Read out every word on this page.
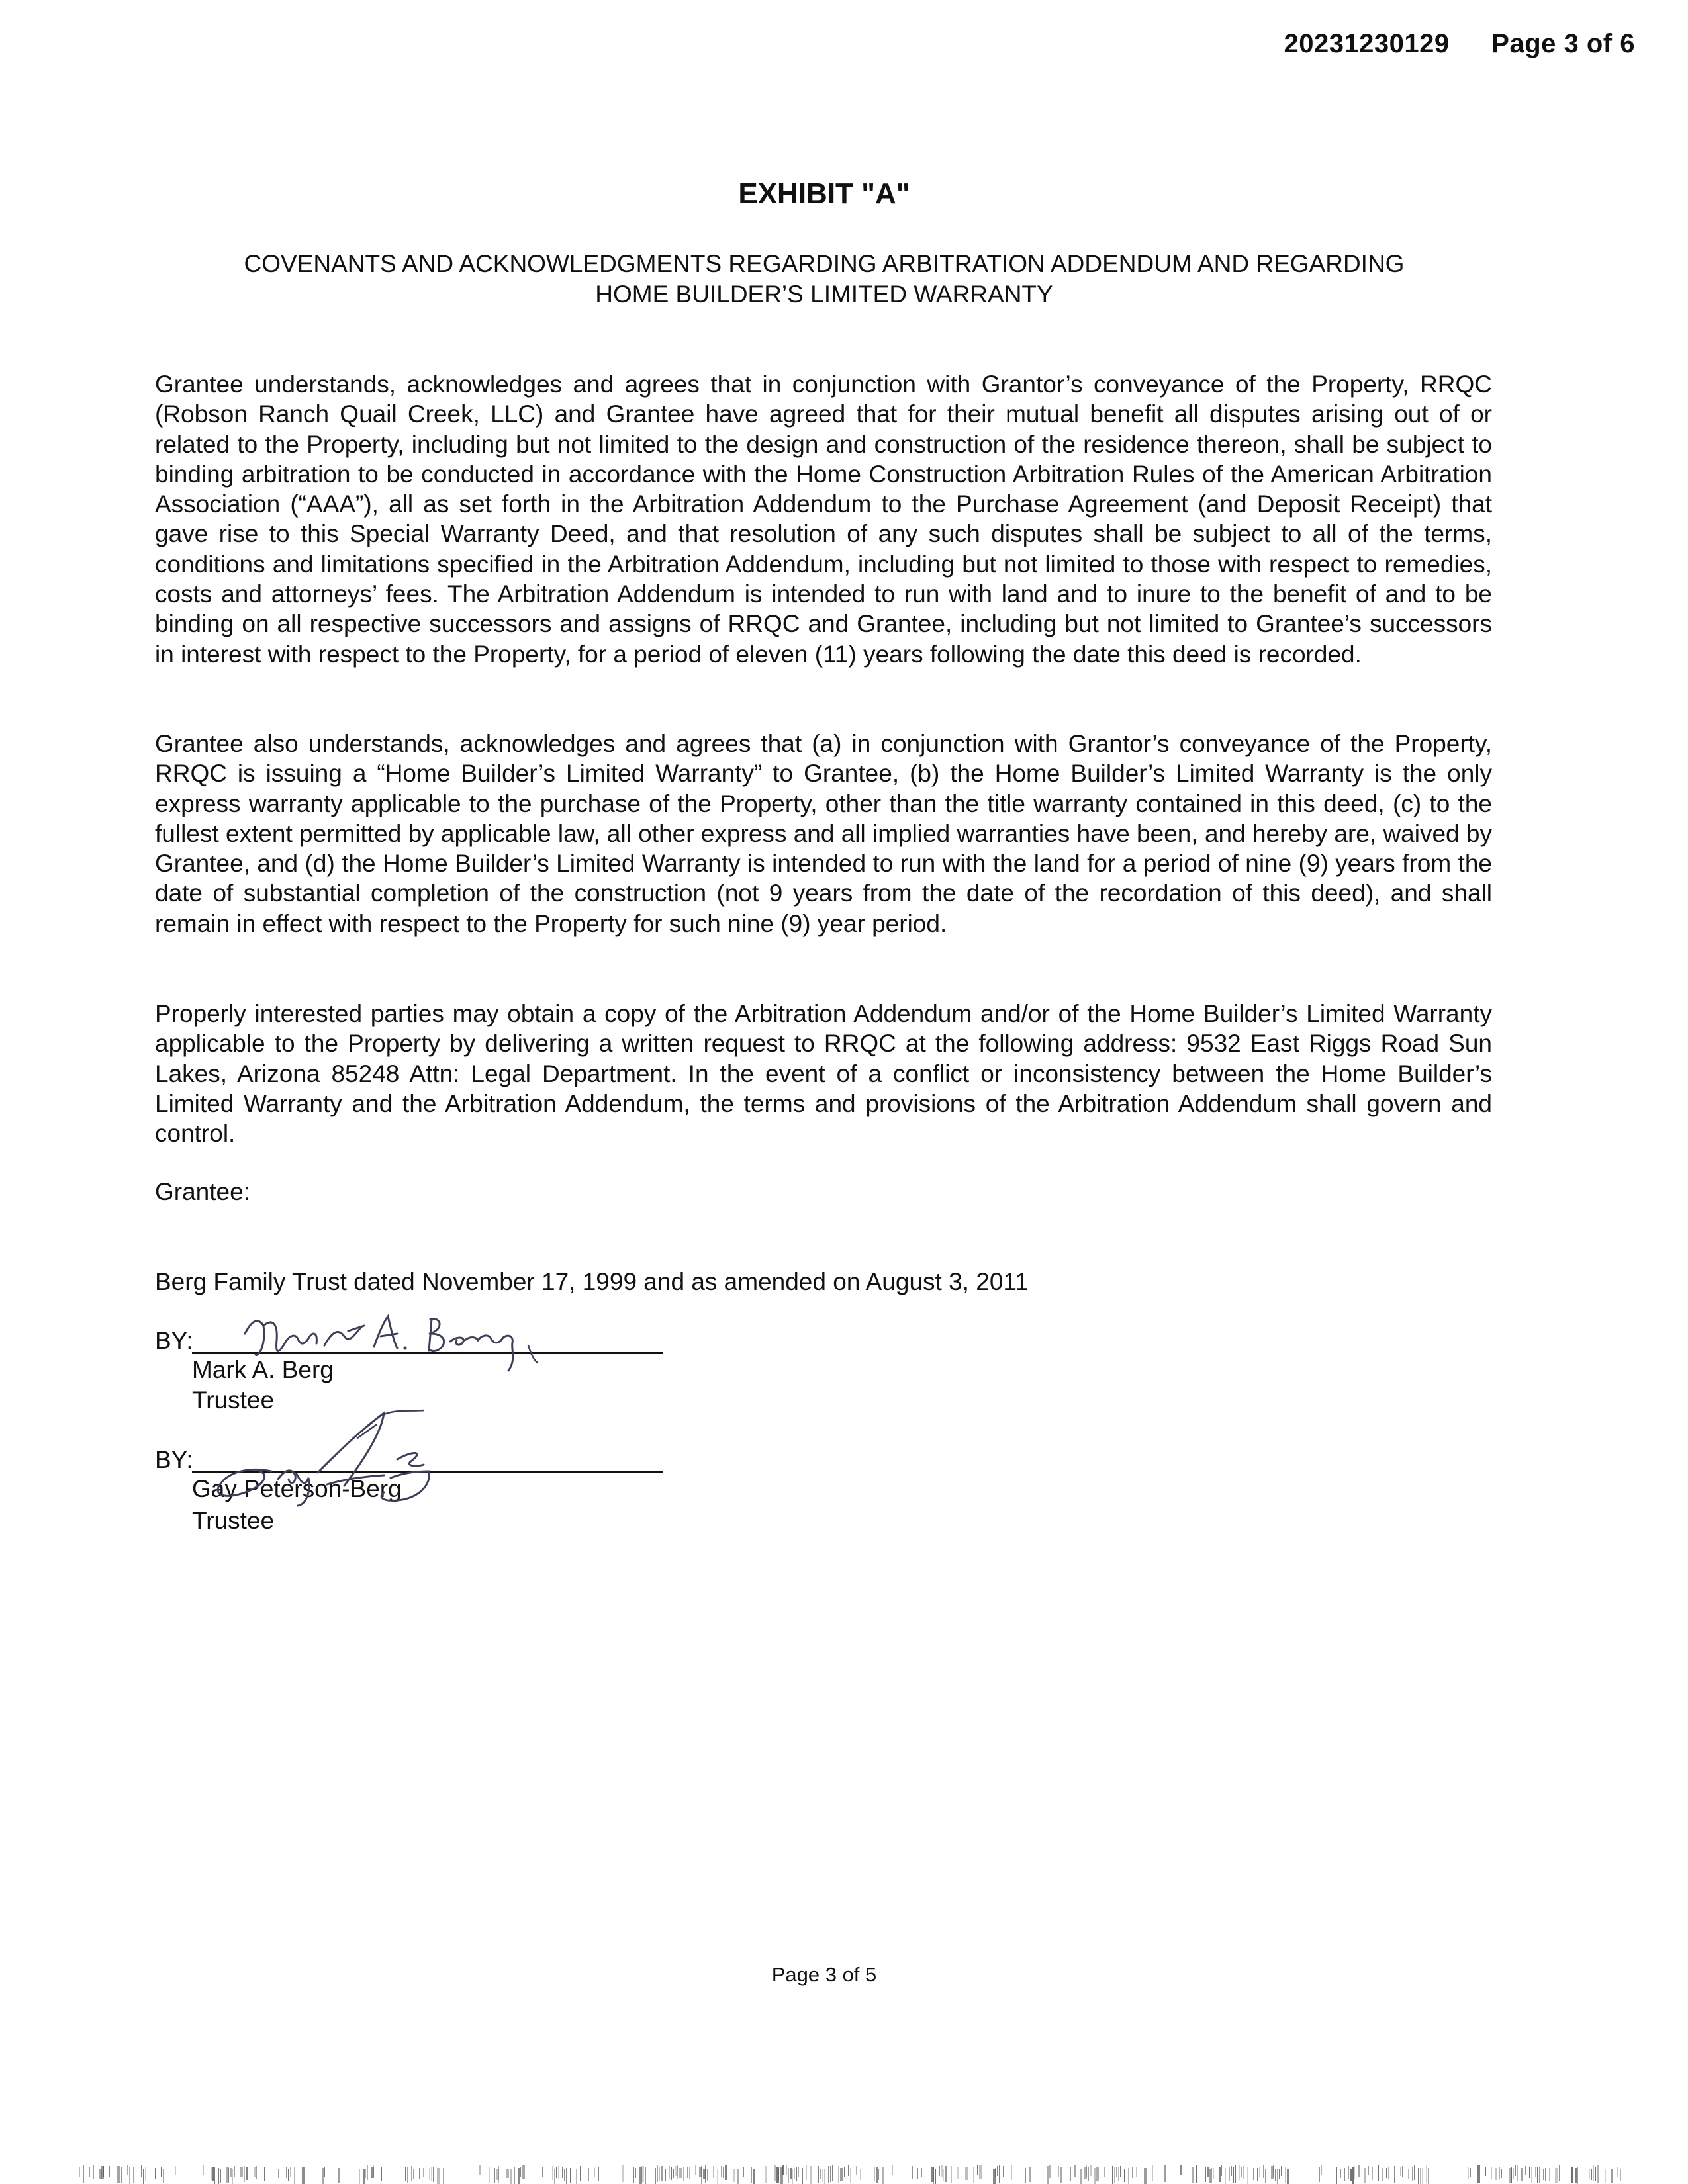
20231230129 Page 3 of 6
EXHIBIT "A"
COVENANTS AND ACKNOWLEDGMENTS REGARDING ARBITRATION ADDENDUM AND REGARDING
HOME BUILDER’S LIMITED WARRANTY

Grantee understands, acknowledges and agrees that in conjunction with Grantor’s conveyance of the Property, RRQC (Robson Ranch Quail Creek, LLC) and Grantee have agreed that for their mutual benefit all disputes arising out of or related to the Property, including but not limited to the design and construction of the residence thereon, shall be subject to binding arbitration to be conducted in accordance with the Home Construction Arbitration Rules of the American Arbitration Association (“AAA”), all as set forth in the Arbitration Addendum to the Purchase Agreement (and Deposit Receipt) that gave rise to this Special Warranty Deed, and that resolution of any such disputes shall be subject to all of the terms, conditions and limitations specified in the Arbitration Addendum, including but not limited to those with respect to remedies, costs and attorneys’ fees. The Arbitration Addendum is intended to run with land and to inure to the benefit of and to be binding on all respective successors and assigns of RRQC and Grantee, including but not limited to Grantee’s successors in interest with respect to the Property, for a period of eleven (11) years following the date this deed is recorded.

Grantee also understands, acknowledges and agrees that (a) in conjunction with Grantor’s conveyance of the Property, RRQC is issuing a “Home Builder’s Limited Warranty” to Grantee, (b) the Home Builder’s Limited Warranty is the only express warranty applicable to the purchase of the Property, other than the title warranty contained in this deed, (c) to the fullest extent permitted by applicable law, all other express and all implied warranties have been, and hereby are, waived by Grantee, and (d) the Home Builder’s Limited Warranty is intended to run with the land for a period of nine (9) years from the date of substantial completion of the construction (not 9 years from the date of the recordation of this deed), and shall remain in effect with respect to the Property for such nine (9) year period.

Properly interested parties may obtain a copy of the Arbitration Addendum and/or of the Home Builder’s Limited Warranty applicable to the Property by delivering a written request to RRQC at the following address: 9532 East Riggs Road Sun Lakes, Arizona 85248 Attn: Legal Department. In the event of a conflict or inconsistency between the Home Builder’s Limited Warranty and the Arbitration Addendum, the terms and provisions of the Arbitration Addendum shall govern and control.

Grantee:
Berg Family Trust dated November 17, 1999 and as amended on August 3, 2011
BY:
Mark A. Berg
Trustee
BY:
Gay Peterson-Berg
Trustee
Page 3 of 5
